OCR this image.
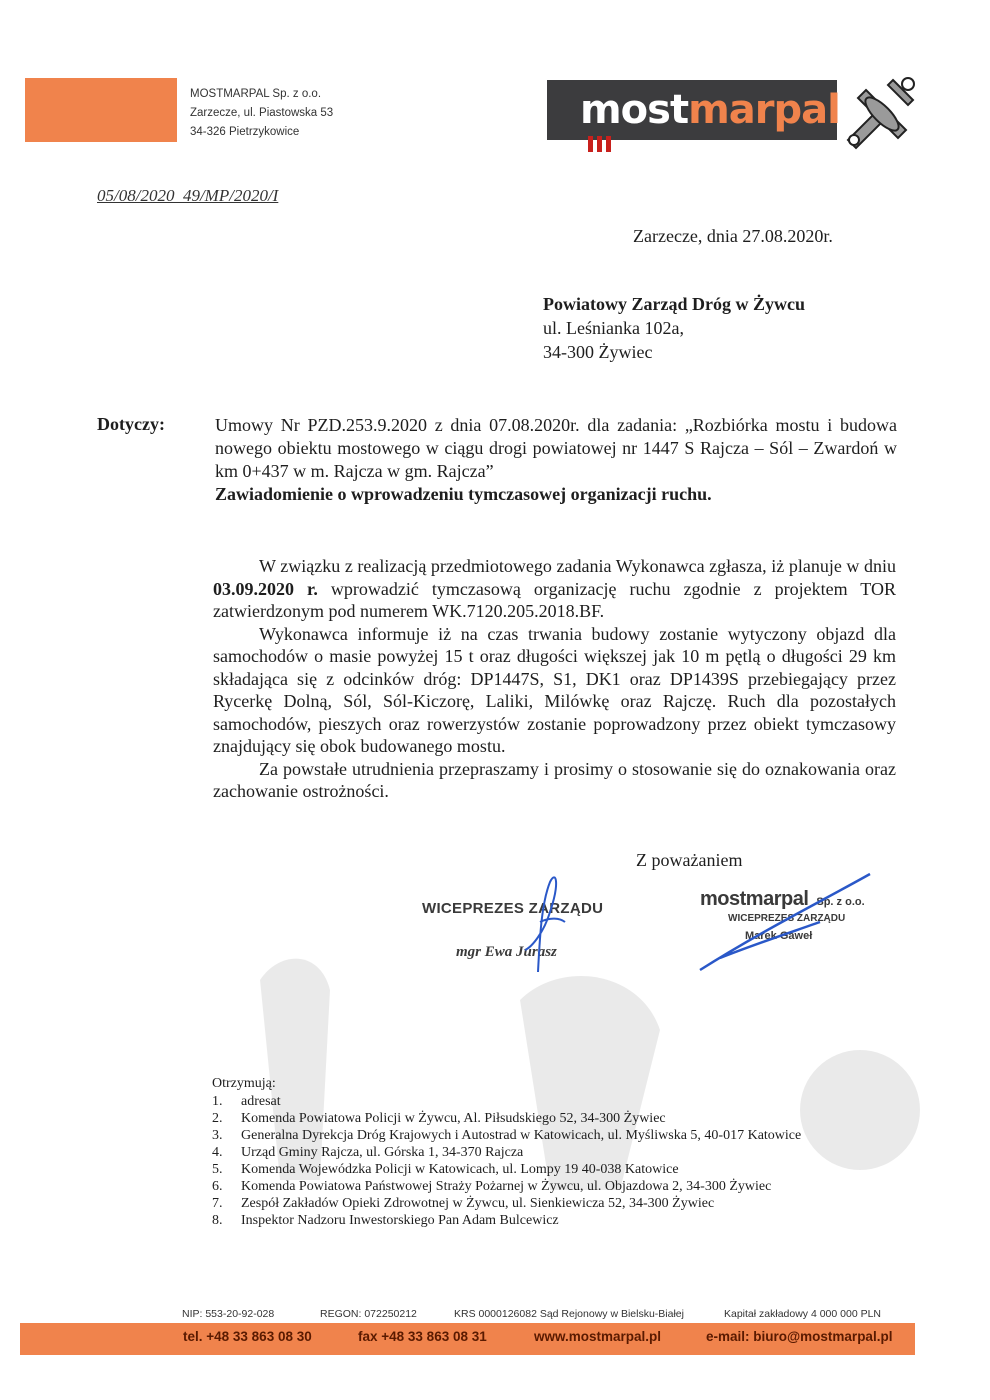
MOSTMARPAL Sp. z o.o.
Zarzecze, ul. Piastowska 53
34-326 Pietrzykowice	mostmarpal
05/08/2020_49/MP/2020/I
Zarzecze, dnia 27.08.2020r.
Powiatowy Zarząd Dróg w Żywcu
ul. Leśnianka 102a,
34-300 Żywiec
Dotyczy:	Umowy Nr PZD.253.9.2020 z dnia 07.08.2020r. dla zadania: „Rozbiórka mostu i budowa nowego obiektu mostowego w ciągu drogi powiatowej nr 1447 S Rajcza – Sól – Zwardoń w km 0+437 w m. Rajcza w gm. Rajcza”
Zawiadomienie o wprowadzeniu tymczasowej organizacji ruchu.

W związku z realizacją przedmiotowego zadania Wykonawca zgłasza, iż planuje w dniu 03.09.2020 r. wprowadzić tymczasową organizację ruchu zgodnie z projektem TOR zatwierdzonym pod numerem WK.7120.205.2018.BF.

Wykonawca informuje iż na czas trwania budowy zostanie wytyczony objazd dla samochodów o masie powyżej 15 t oraz długości większej jak 10 m pętlą o długości 29 km składająca się z odcinków dróg: DP1447S, S1, DK1 oraz DP1439S przebiegający przez Rycerkę Dolną, Sól, Sól-Kiczorę, Laliki, Milówkę oraz Rajczę. Ruch dla pozostałych samochodów, pieszych oraz rowerzystów zostanie poprowadzony przez obiekt tymczasowy znajdujący się obok budowanego mostu.

Za powstałe utrudnienia przepraszamy i prosimy o stosowanie się do oznakowania oraz zachowanie ostrożności.

Z poważaniem
WICEPREZES ZARZĄDU
mgr Ewa Jurasz
mostmarpal Sp. z o.o.
WICEPREZES ZARZĄDU
Marek Gaweł
Otrzymują:
1. adresat
2. Komenda Powiatowa Policji w Żywcu, Al. Piłsudskiego 52, 34-300 Żywiec
3. Generalna Dyrekcja Dróg Krajowych i Autostrad w Katowicach, ul. Myśliwska 5, 40-017 Katowice
4. Urząd Gminy Rajcza, ul. Górska 1, 34-370 Rajcza
5. Komenda Wojewódzka Policji w Katowicach, ul. Lompy 19 40-038 Katowice
6. Komenda Powiatowa Państwowej Straży Pożarnej w Żywcu, ul. Objazdowa 2, 34-300 Żywiec
7. Zespół Zakładów Opieki Zdrowotnej w Żywcu, ul. Sienkiewicza 52, 34-300 Żywiec
8. Inspektor Nadzoru Inwestorskiego Pan Adam Bulcewicz
NIP: 553-20-92-028	REGON: 072250212	KRS 0000126082 Sąd Rejonowy w Bielsku-Białej	Kapitał zakładowy 4 000 000 PLN
tel. +48 33 863 08 30	fax +48 33 863 08 31	www.mostmarpal.pl	e-mail: biuro@mostmarpal.pl
